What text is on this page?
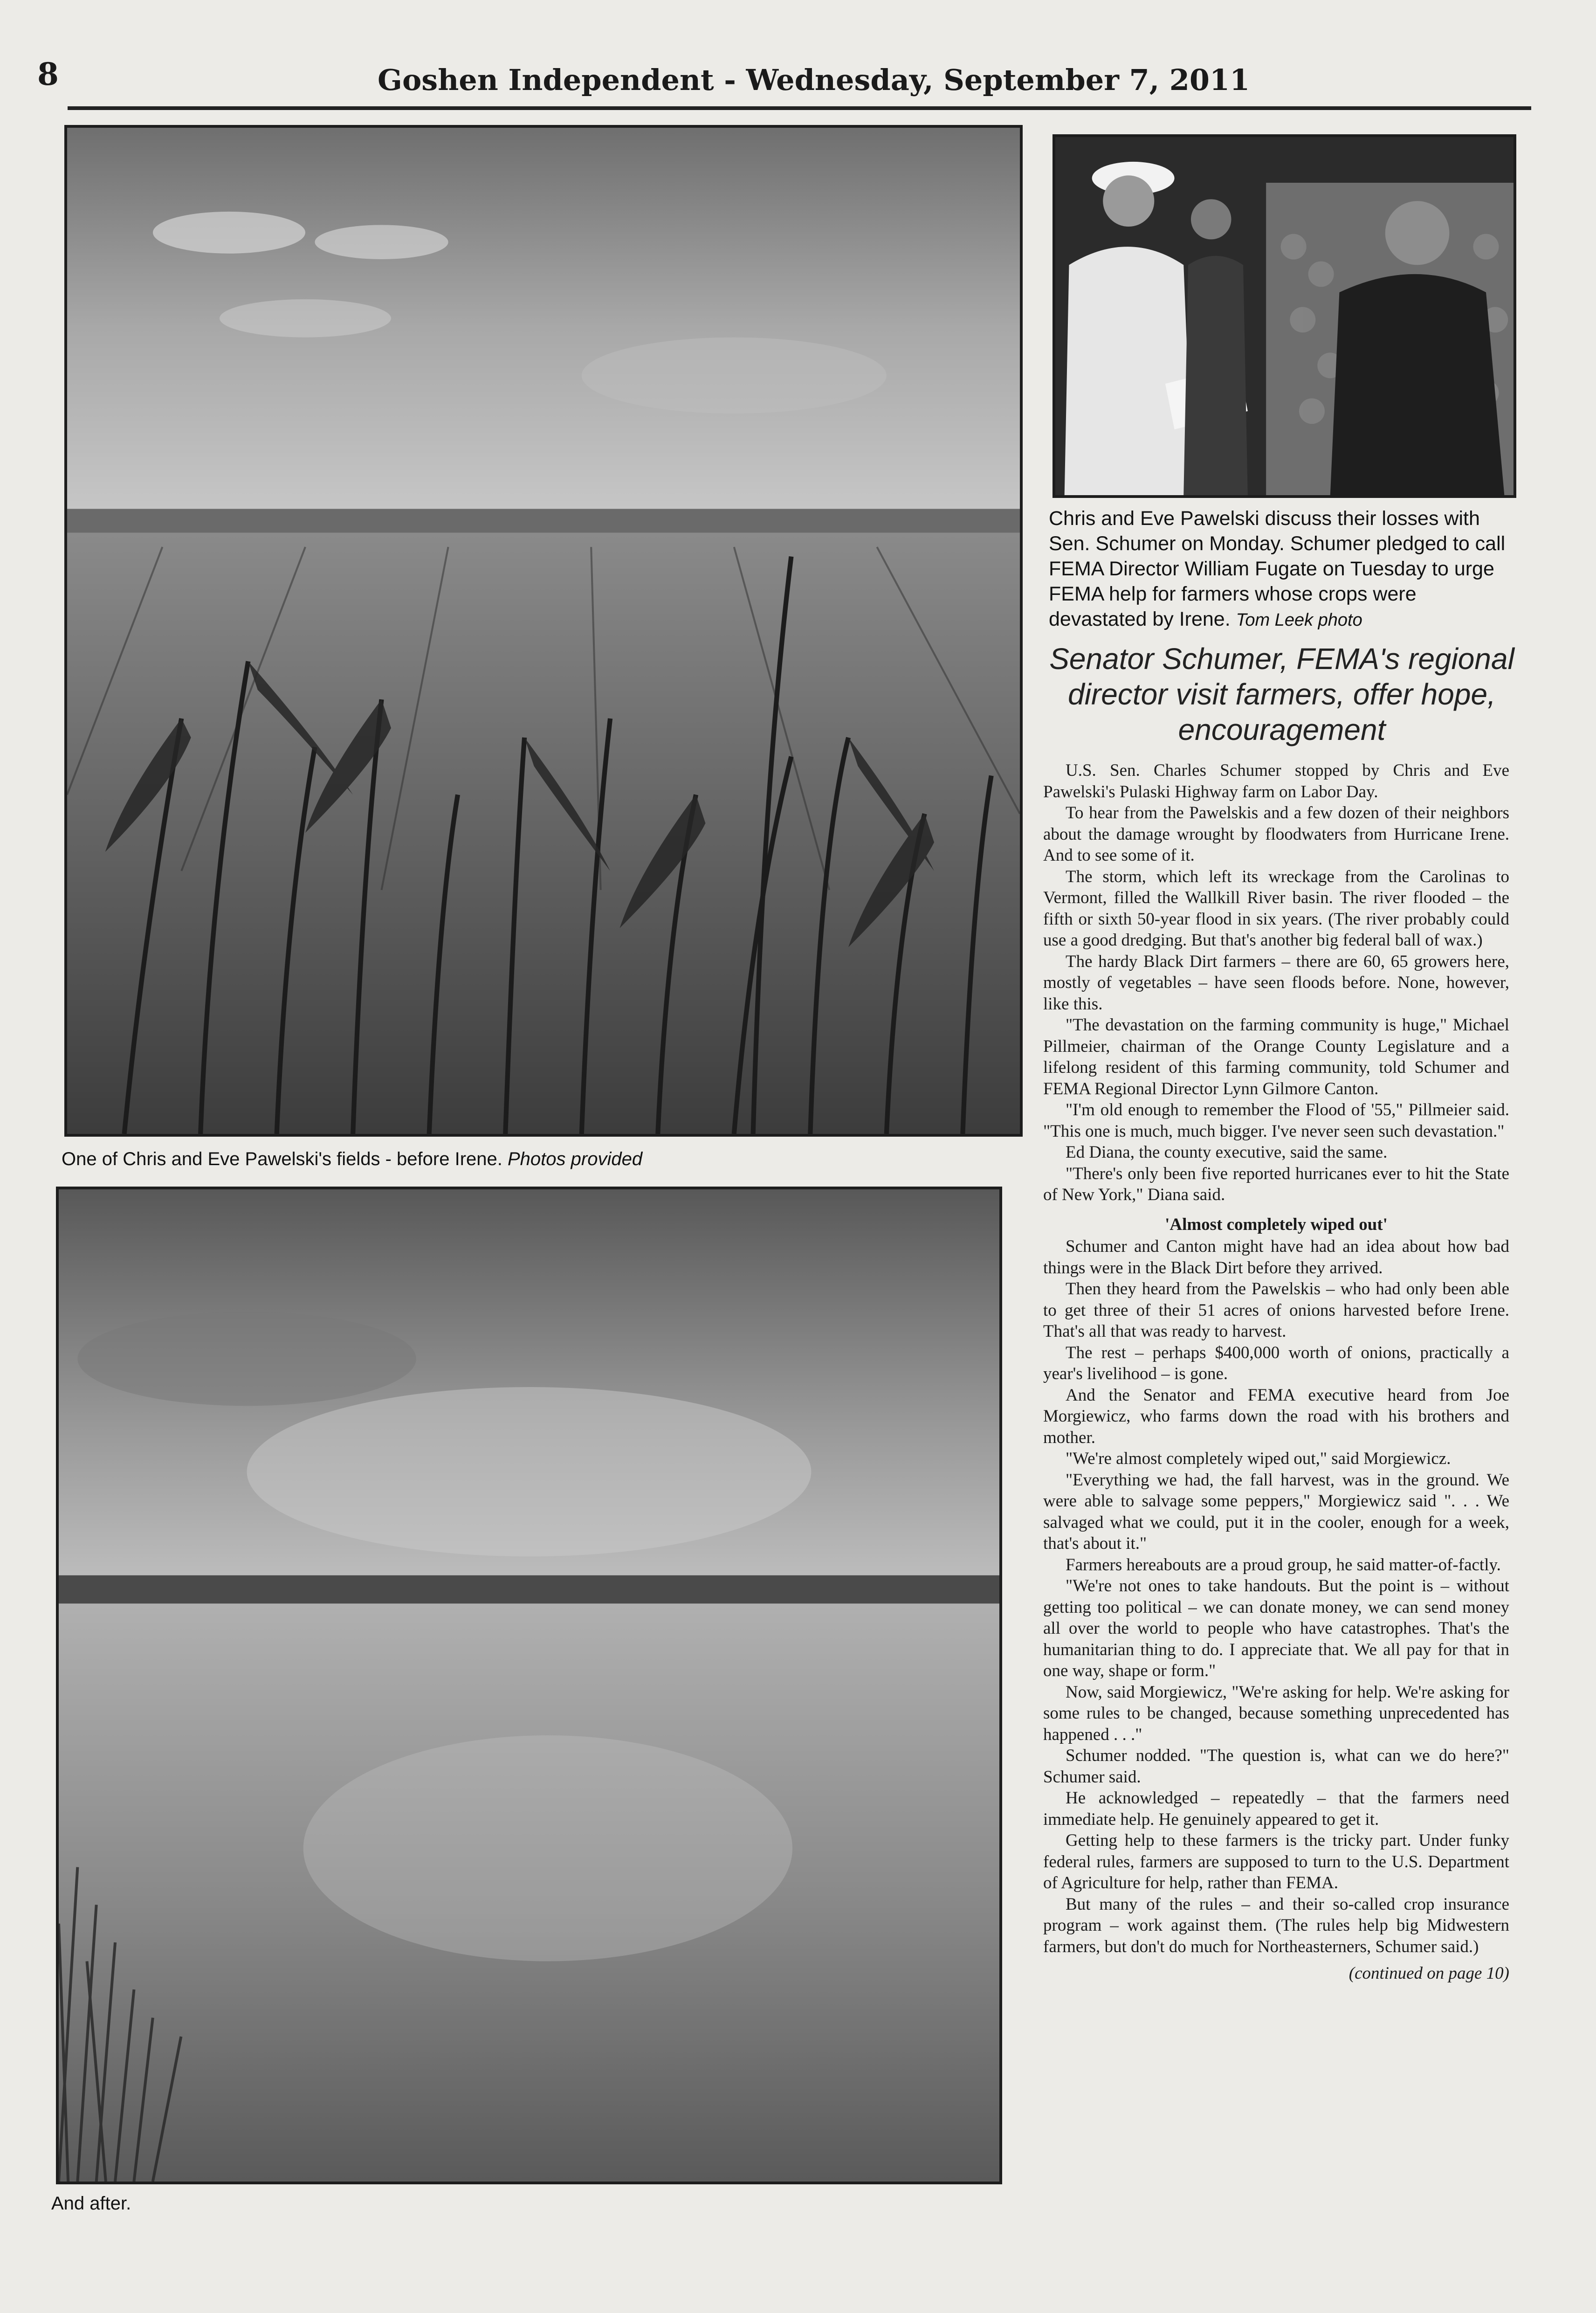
8	Goshen Independent - Wednesday, September 7, 2011
One of Chris and Eve Pawelski's fields - before Irene. Photos provided
And after.
Chris and Eve Pawelski discuss their losses with Sen. Schumer on Monday. Schumer pledged to call FEMA Director William Fugate on Tuesday to urge FEMA help for farmers whose crops were devastated by Irene. Tom Leek photo
Senator Schumer, FEMA's regional director visit farmers, offer hope, encouragement

U.S. Sen. Charles Schumer stopped by Chris and Eve Pawelski's Pulaski Highway farm on Labor Day.

To hear from the Pawelskis and a few dozen of their neighbors about the damage wrought by floodwaters from Hurricane Irene. And to see some of it.

The storm, which left its wreckage from the Carolinas to Vermont, filled the Wallkill River basin. The river flooded – the fifth or sixth 50-year flood in six years. (The river probably could use a good dredging. But that's another big federal ball of wax.)

The hardy Black Dirt farmers – there are 60, 65 growers here, mostly of vegetables – have seen floods before. None, however, like this.

"The devastation on the farming community is huge," Michael Pillmeier, chairman of the Orange County Legislature and a lifelong resident of this farming community, told Schumer and FEMA Regional Director Lynn Gilmore Canton.

"I'm old enough to remember the Flood of '55," Pillmeier said. "This one is much, much bigger. I've never seen such devastation."

Ed Diana, the county executive, said the same.

"There's only been five reported hurricanes ever to hit the State of New York," Diana said.

'Almost completely wiped out'

Schumer and Canton might have had an idea about how bad things were in the Black Dirt before they arrived.

Then they heard from the Pawelskis – who had only been able to get three of their 51 acres of onions harvested before Irene. That's all that was ready to harvest.

The rest – perhaps $400,000 worth of onions, practically a year's livelihood – is gone.

And the Senator and FEMA executive heard from Joe Morgiewicz, who farms down the road with his brothers and mother.

"We're almost completely wiped out," said Morgiewicz.

"Everything we had, the fall harvest, was in the ground. We were able to salvage some peppers," Morgiewicz said ". . . We salvaged what we could, put it in the cooler, enough for a week, that's about it."

Farmers hereabouts are a proud group, he said matter-of-factly.

"We're not ones to take handouts. But the point is – without getting too political – we can donate money, we can send money all over the world to people who have catastrophes. That's the humanitarian thing to do. I appreciate that. We all pay for that in one way, shape or form."

Now, said Morgiewicz, "We're asking for help. We're asking for some rules to be changed, because something unprecedented has happened . . ."

Schumer nodded. "The question is, what can we do here?" Schumer said.

He acknowledged – repeatedly – that the farmers need immediate help. He genuinely appeared to get it.

Getting help to these farmers is the tricky part. Under funky federal rules, farmers are supposed to turn to the U.S. Department of Agriculture for help, rather than FEMA.

But many of the rules – and their so-called crop insurance program – work against them. (The rules help big Midwestern farmers, but don't do much for Northeasterners, Schumer said.)

(continued on page 10)
